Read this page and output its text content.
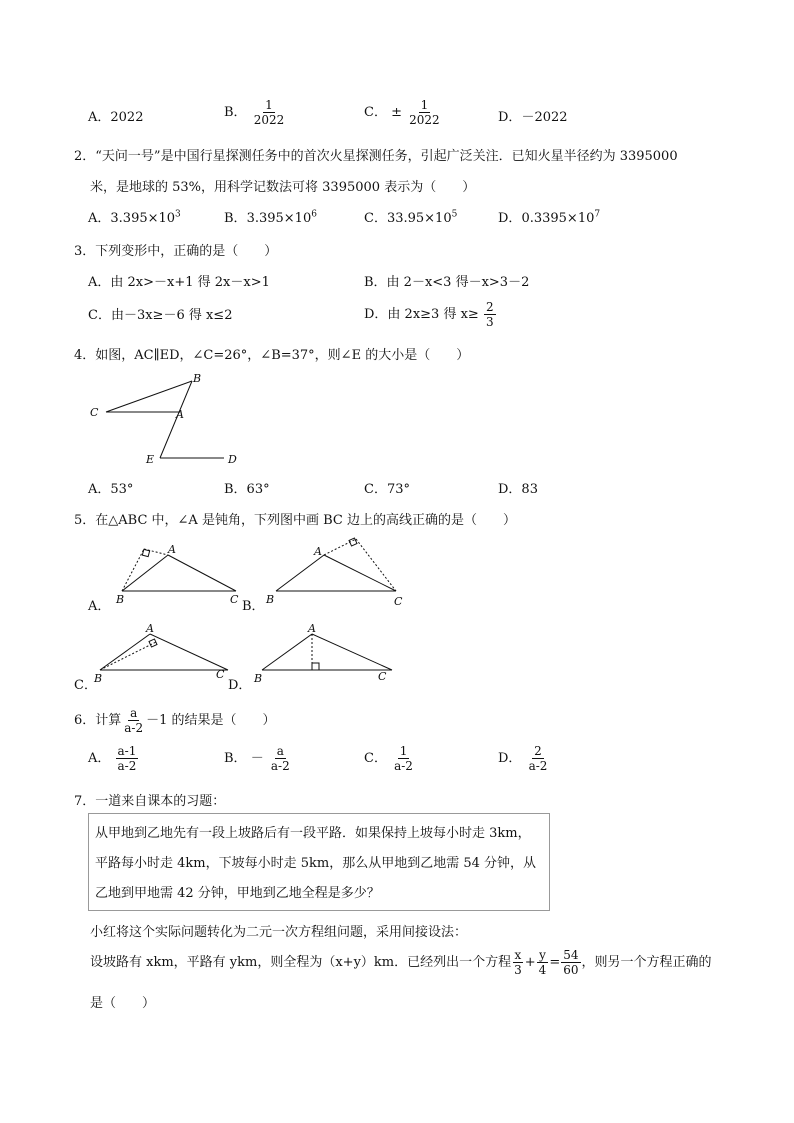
A．2022	B． $\frac{1}{2022}$	C． ± $\frac{1}{2022}$	D．－2022
2．“天问一号”是中国行星探测任务中的首次火星探测任务，引起广泛关注．已知火星半径约为 3395000
米，是地球的 53%，用科学记数法可将 3395000 表示为（　　）
A．$3.395\times 10^3$	B．$3.395\times 10^6$	C．$33.95\times 10^5$	D．$0.3395\times 10^7$
3．下列变形中，正确的是（　　）
A．由 2x>－x+1 得 2x－x>1	B．由 2－x<3 得－x>3－2
C．由－3x≥－6 得 x≤2	D．由 2x≥3 得 $x\ge \frac{2}{3}$
4．如图，AC∥ED，∠C=26°，∠B=37°，则∠E 的大小是（　　）
B
C	A
E	D
A．53°	B．63°	C．73°	D．83
5．在△ABC 中，∠A 是钝角，下列图中画 BC 边上的高线正确的是（　　）
A
B	C
A．
A
B	C
B．
A
B	C
C．
A
B	C
D．
6．计算 $\frac{a}{a-2} -1$ 的结果是（　　）
A． $\frac{a-1}{a-2}$	B． － $\frac{a}{a-2}$	C． $\frac{1}{a-2}$	D． $\frac{2}{a-2}$
7．一道来自课本的习题：
从甲地到乙地先有一段上坡路后有一段平路．如果保持上坡每小时走 3km，
平路每小时走 4km，下坡每小时走 5km，那么从甲地到乙地需 54 分钟，从
乙地到甲地需 42 分钟，甲地到乙地全程是多少？
小红将这个实际问题转化为二元一次方程组问题，采用间接设法：
设坡路有 xkm，平路有 ykm，则全程为（x+y）km．已经列出一个方程 $\frac{x}{3} + \frac{y}{4} = \frac{54}{60}$ ，则另一个方程正确的
是（　　）
